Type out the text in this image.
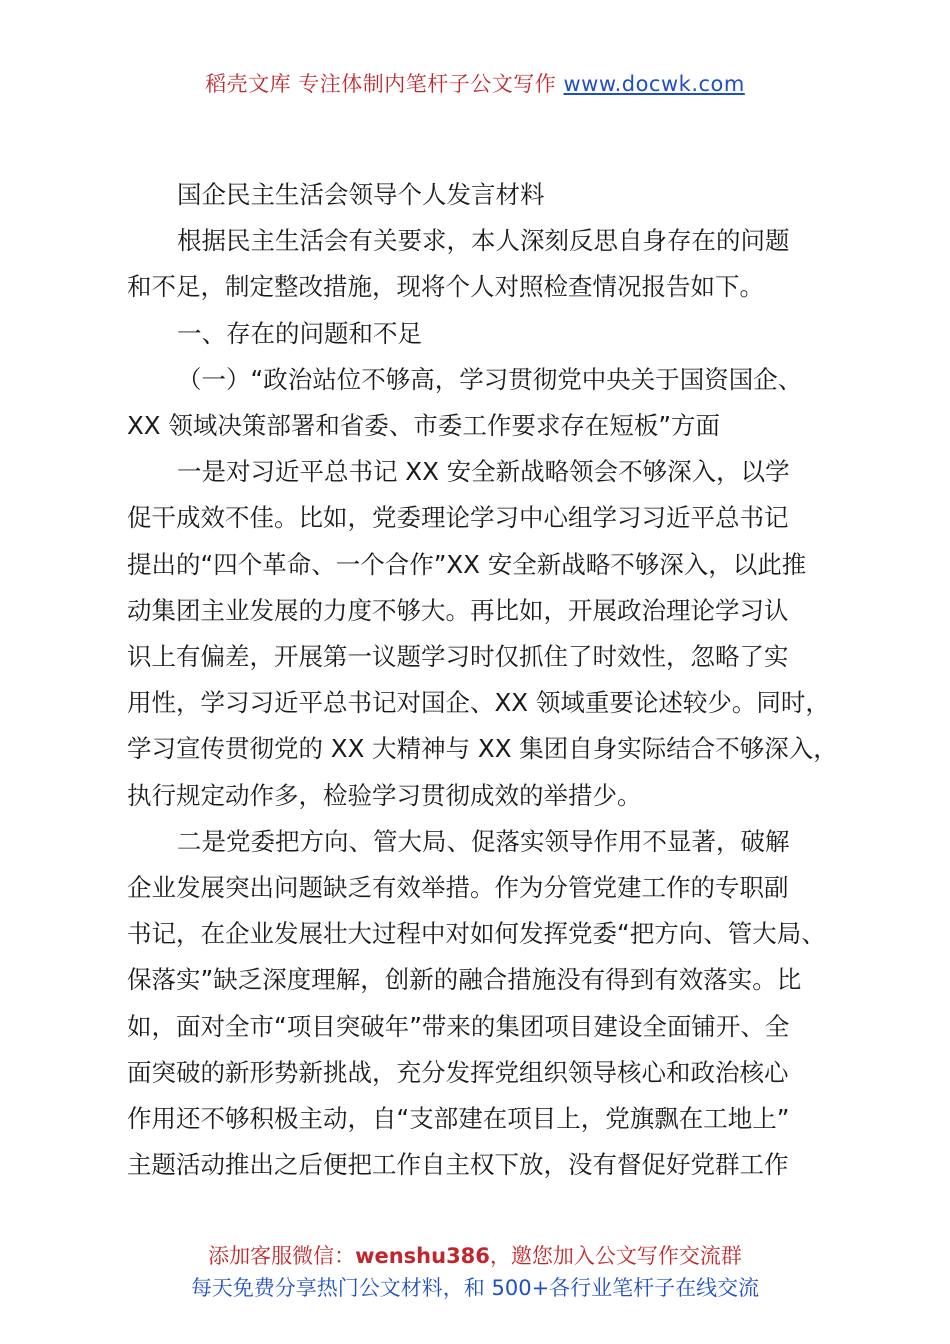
稻壳文库 专注体制内笔杆子公文写作 www.docwk.com

国企民主生活会领导个人发言材料

根据民主生活会有关要求，本人深刻反思自身存在的问题
和不足，制定整改措施，现将个人对照检查情况报告如下。

一、存在的问题和不足

（一）“政治站位不够高，学习贯彻党中央关于国资国企、
XX 领域决策部署和省委、市委工作要求存在短板”方面

一是对习近平总书记 XX 安全新战略领会不够深入，以学
促干成效不佳。比如，党委理论学习中心组学习习近平总书记
提出的“四个革命、一个合作”XX 安全新战略不够深入，以此推
动集团主业发展的力度不够大。再比如，开展政治理论学习认
识上有偏差，开展第一议题学习时仅抓住了时效性，忽略了实
用性，学习习近平总书记对国企、XX 领域重要论述较少。同时，
学习宣传贯彻党的 XX 大精神与 XX 集团自身实际结合不够深入，
执行规定动作多，检验学习贯彻成效的举措少。

二是党委把方向、管大局、促落实领导作用不显著，破解
企业发展突出问题缺乏有效举措。作为分管党建工作的专职副
书记，在企业发展壮大过程中对如何发挥党委“把方向、管大局、
保落实”缺乏深度理解，创新的融合措施没有得到有效落实。比
如，面对全市“项目突破年”带来的集团项目建设全面铺开、全
面突破的新形势新挑战，充分发挥党组织领导核心和政治核心
作用还不够积极主动，自“支部建在项目上，党旗飘在工地上”
主题活动推出之后便把工作自主权下放，没有督促好党群工作

添加客服微信：wenshu386，邀您加入公文写作交流群
每天免费分享热门公文材料，和 500+各行业笔杆子在线交流
